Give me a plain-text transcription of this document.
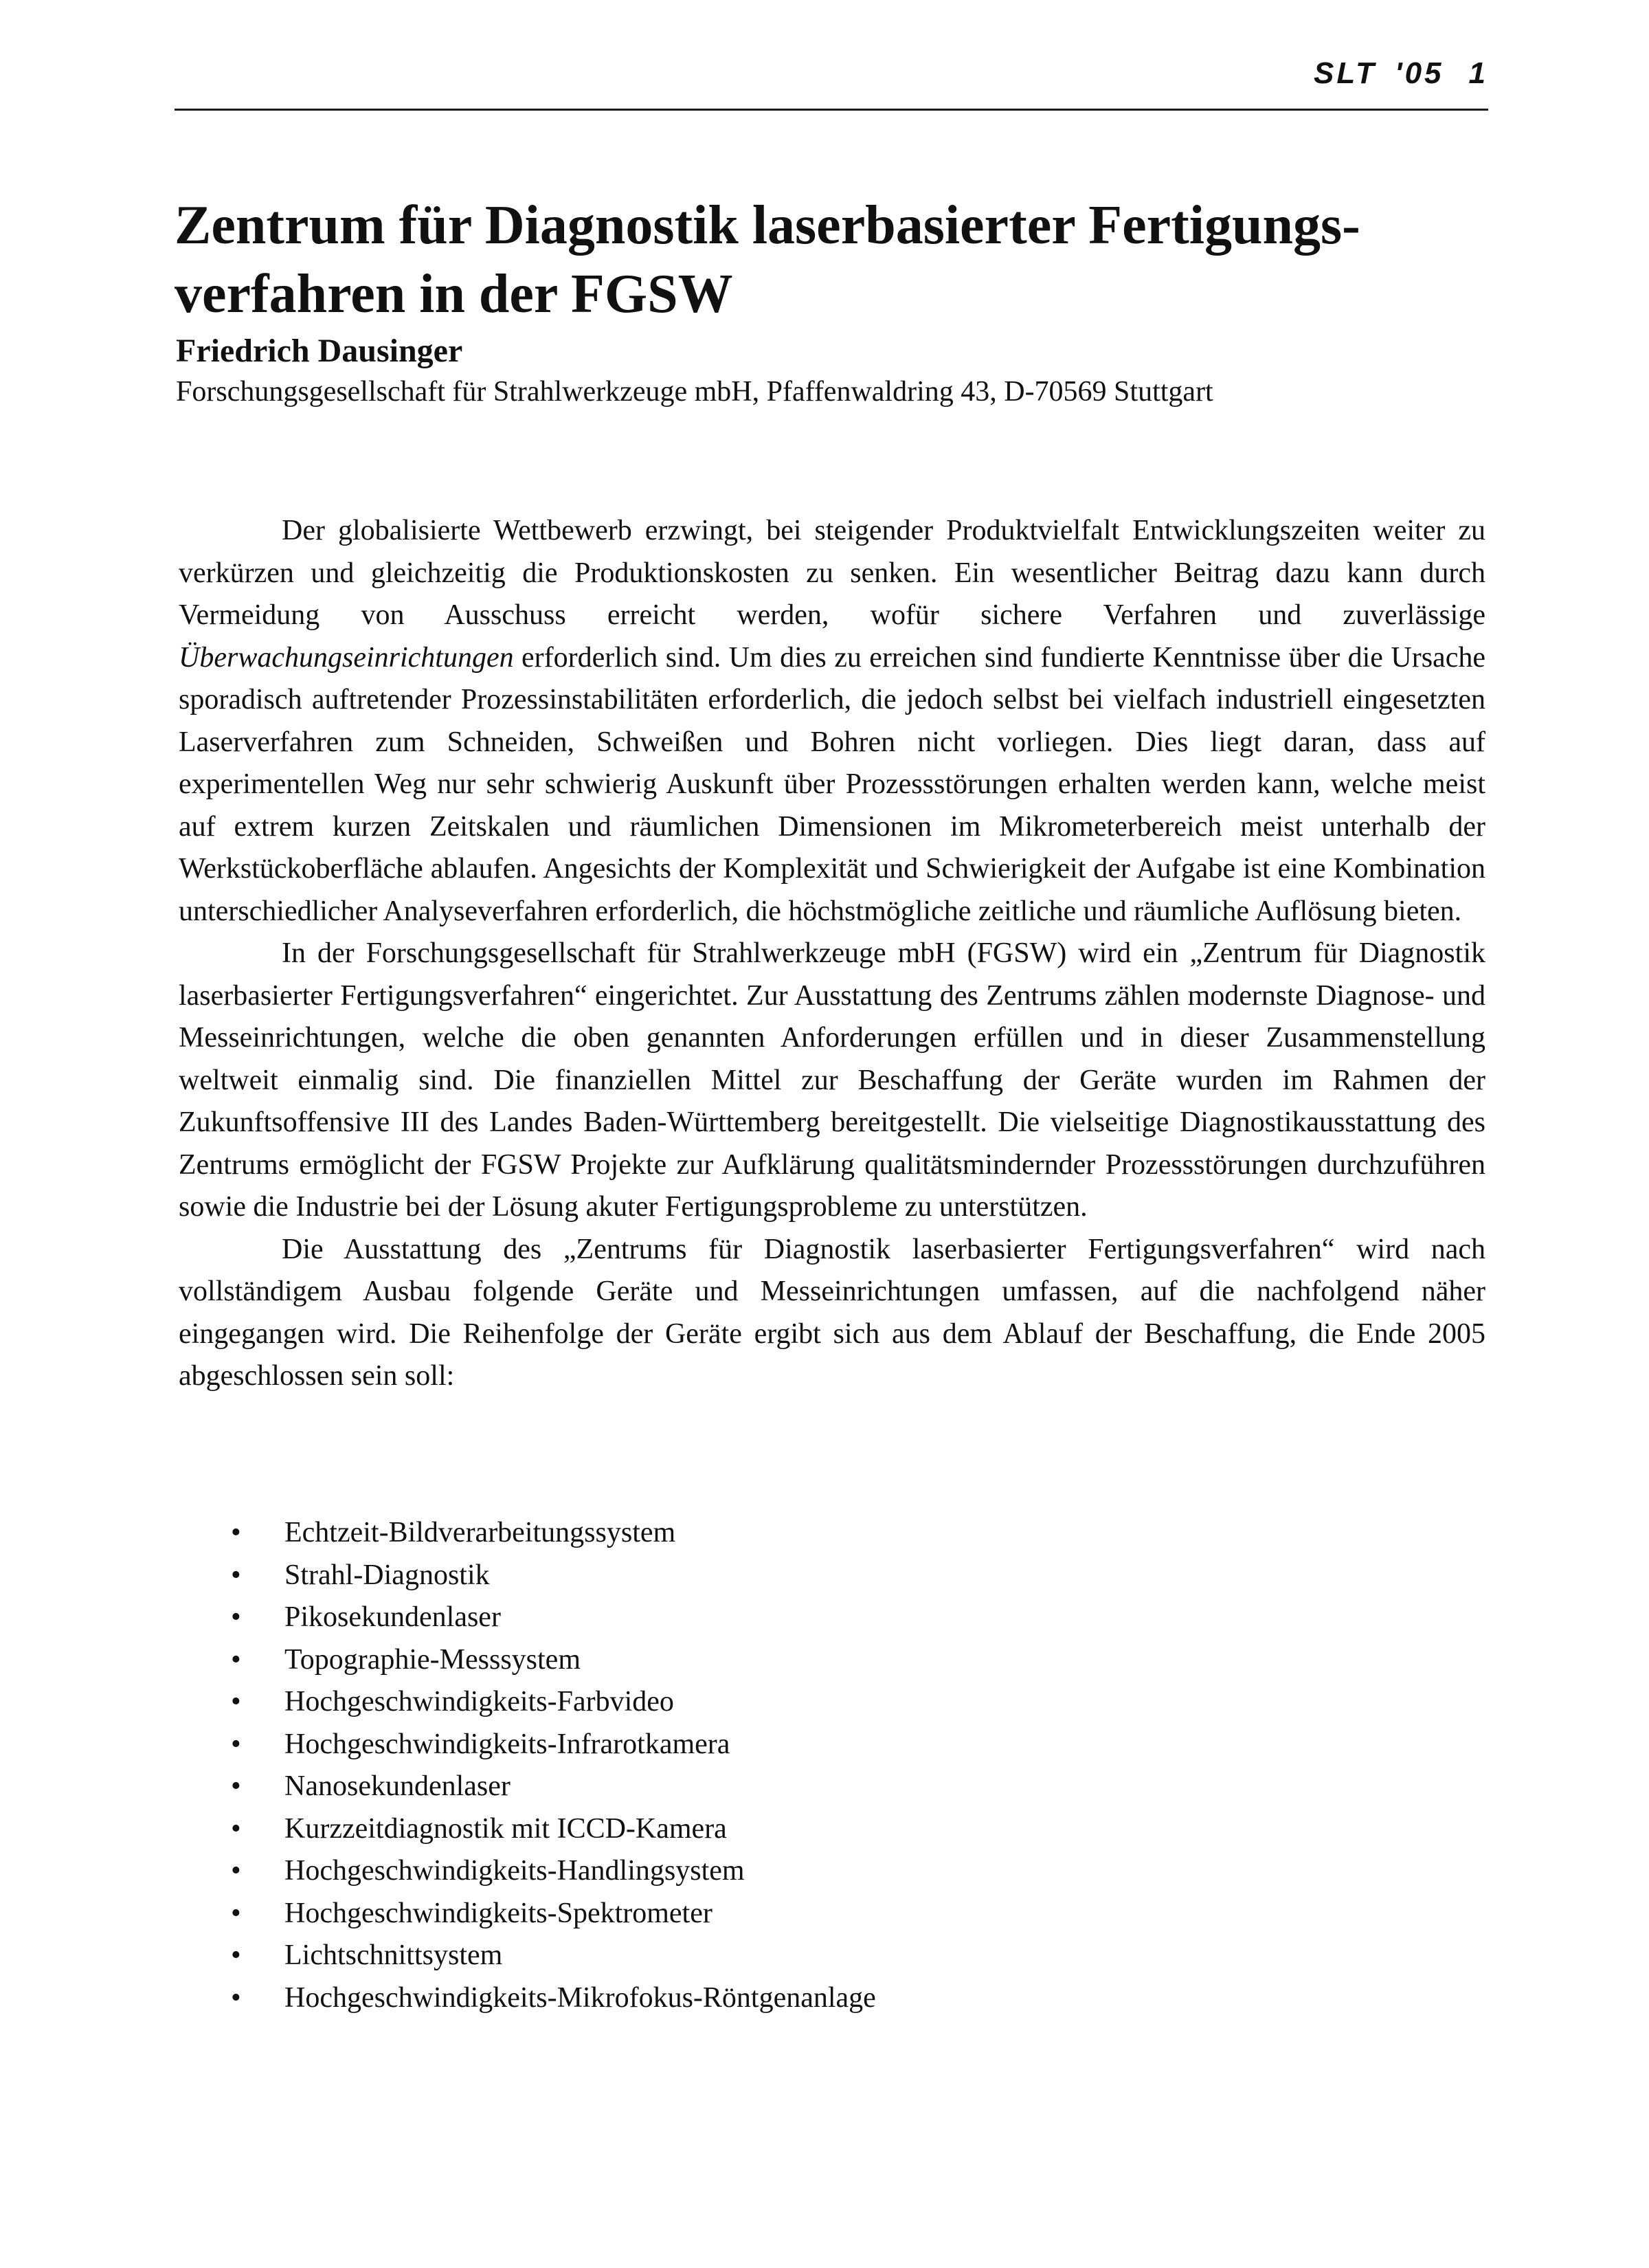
SLT '05 1
Zentrum für Diagnostik laserbasierter Fertigungsverfahren in der FGSW

Friedrich Dausinger

Forschungsgesellschaft für Strahlwerkzeuge mbH, Pfaffenwaldring 43, D-70569 Stuttgart

Der globalisierte Wettbewerb erzwingt, bei steigender Produktvielfalt Entwicklungszeiten weiter zu verkürzen und gleichzeitig die Produktionskosten zu senken. Ein wesentlicher Beitrag dazu kann durch Vermeidung von Ausschuss erreicht werden, wofür sichere Verfahren und zuverlässige Überwachungseinrichtungen erforderlich sind. Um dies zu erreichen sind fundierte Kenntnisse über die Ursache sporadisch auftretender Prozessinstabilitäten erforderlich, die jedoch selbst bei vielfach industriell eingesetzten Laserverfahren zum Schneiden, Schweißen und Bohren nicht vorliegen. Dies liegt daran, dass auf experimentellen Weg nur sehr schwierig Auskunft über Prozessstörungen erhalten werden kann, welche meist auf extrem kurzen Zeitskalen und räumlichen Dimensionen im Mikrometerbereich meist unterhalb der Werkstückoberfläche ablaufen. Angesichts der Komplexität und Schwierigkeit der Aufgabe ist eine Kombination unterschiedlicher Analyseverfahren erforderlich, die höchstmögliche zeitliche und räumliche Auflösung bieten.

In der Forschungsgesellschaft für Strahlwerkzeuge mbH (FGSW) wird ein „Zentrum für Diagnostik laserbasierter Fertigungsverfahren“ eingerichtet. Zur Ausstattung des Zentrums zählen modernste Diagnose- und Messeinrichtungen, welche die oben genannten Anforderungen erfüllen und in dieser Zusammenstellung weltweit einmalig sind. Die finanziellen Mittel zur Beschaffung der Geräte wurden im Rahmen der Zukunftsoffensive III des Landes Baden-Württemberg bereitgestellt. Die vielseitige Diagnostikausstattung des Zentrums ermöglicht der FGSW Projekte zur Aufklärung qualitätsmindernder Prozessstörungen durchzuführen sowie die Industrie bei der Lösung akuter Fertigungsprobleme zu unterstützen.

Die Ausstattung des „Zentrums für Diagnostik laserbasierter Fertigungsverfahren“ wird nach vollständigem Ausbau folgende Geräte und Messeinrichtungen umfassen, auf die nachfolgend näher eingegangen wird. Die Reihenfolge der Geräte ergibt sich aus dem Ablauf der Beschaffung, die Ende 2005 abgeschlossen sein soll:

• Echtzeit-Bildverarbeitungssystem
• Strahl-Diagnostik
• Pikosekundenlaser
• Topographie-Messsystem
• Hochgeschwindigkeits-Farbvideo
• Hochgeschwindigkeits-Infrarotkamera
• Nanosekundenlaser
• Kurzzeitdiagnostik mit ICCD-Kamera
• Hochgeschwindigkeits-Handlingsystem
• Hochgeschwindigkeits-Spektrometer
• Lichtschnittsystem
• Hochgeschwindigkeits-Mikrofokus-Röntgenanlage
